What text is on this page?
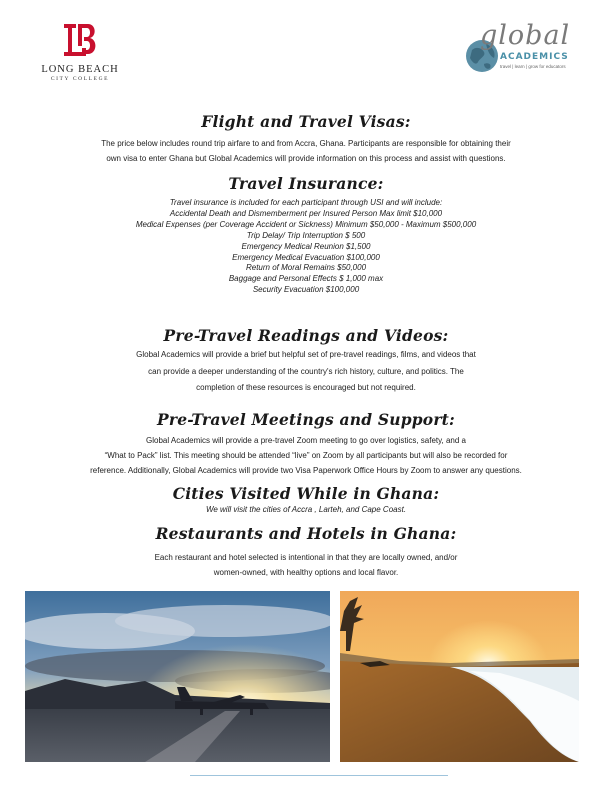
LONG BEACH
CITY COLLEGE
global
ACADEMICS
travel | learn | grow for educators
Flight and Travel Visas:
The price below includes round trip airfare to and from Accra, Ghana. Participants are responsible for obtaining their
own visa to enter Ghana but Global Academics will provide information on this process and assist with questions.
Travel Insurance:
Travel insurance is included for each participant through USI and will include:
Accidental Death and Dismemberment per Insured Person Max limit $10,000
Medical Expenses (per Coverage Accident or Sickness) Minimum $50,000 - Maximum $500,000
Trip Delay/ Trip Interruption $ 500
Emergency Medical Reunion $1,500
Emergency Medical Evacuation $100,000
Return of Moral Remains $50,000
Baggage and Personal Effects $ 1,000 max
Security Evacuation $100,000
Pre-Travel Readings and Videos:
Global Academics will provide a brief but helpful set of pre-travel readings, films, and videos that
can provide a deeper understanding of the country's rich history, culture, and politics. The
completion of these resources is encouraged but not required.
Pre-Travel Meetings and Support:
Global Academics will provide a pre-travel Zoom meeting to go over logistics, safety, and a
“What to Pack” list. This meeting should be attended “live” on Zoom by all participants but will also be recorded for
reference. Additionally, Global Academics will provide two Visa Paperwork Office Hours by Zoom to answer any questions.
Cities Visited While in Ghana:
We will visit the cities of Accra , Larteh, and Cape Coast.
Restaurants and Hotels in Ghana:
Each restaurant and hotel selected is intentional in that they are locally owned, and/or
women-owned, with healthy options and local flavor.
